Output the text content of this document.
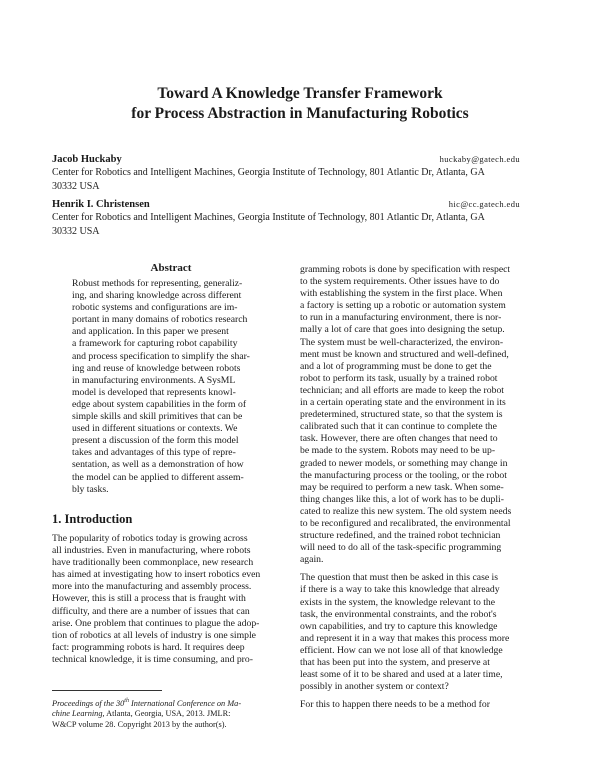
Toward A Knowledge Transfer Framework
for Process Abstraction in Manufacturing Robotics
Jacob Huckaby	huckaby@gatech.edu
Center for Robotics and Intelligent Machines, Georgia Institute of Technology, 801 Atlantic Dr, Atlanta, GA
30332 USA
Henrik I. Christensen	hic@cc.gatech.edu
Center for Robotics and Intelligent Machines, Georgia Institute of Technology, 801 Atlantic Dr, Atlanta, GA
30332 USA
Abstract
Robust methods for representing, generaliz-
ing, and sharing knowledge across different
robotic systems and configurations are im-
portant in many domains of robotics research
and application. In this paper we present
a framework for capturing robot capability
and process specification to simplify the shar-
ing and reuse of knowledge between robots
in manufacturing environments. A SysML
model is developed that represents knowl-
edge about system capabilities in the form of
simple skills and skill primitives that can be
used in different situations or contexts. We
present a discussion of the form this model
takes and advantages of this type of repre-
sentation, as well as a demonstration of how
the model can be applied to different assem-
bly tasks.
1. Introduction
The popularity of robotics today is growing across
all industries. Even in manufacturing, where robots
have traditionally been commonplace, new research
has aimed at investigating how to insert robotics even
more into the manufacturing and assembly process.
However, this is still a process that is fraught with
difficulty, and there are a number of issues that can
arise. One problem that continues to plague the adop-
tion of robotics at all levels of industry is one simple
fact: programming robots is hard. It requires deep
technical knowledge, it is time consuming, and pro-
Proceedings of the 30th International Conference on Ma-
chine Learning, Atlanta, Georgia, USA, 2013. JMLR:
W&CP volume 28. Copyright 2013 by the author(s).
gramming robots is done by specification with respect
to the system requirements. Other issues have to do
with establishing the system in the first place. When
a factory is setting up a robotic or automation system
to run in a manufacturing environment, there is nor-
mally a lot of care that goes into designing the setup.
The system must be well-characterized, the environ-
ment must be known and structured and well-defined,
and a lot of programming must be done to get the
robot to perform its task, usually by a trained robot
technician; and all efforts are made to keep the robot
in a certain operating state and the environment in its
predetermined, structured state, so that the system is
calibrated such that it can continue to complete the
task. However, there are often changes that need to
be made to the system. Robots may need to be up-
graded to newer models, or something may change in
the manufacturing process or the tooling, or the robot
may be required to perform a new task. When some-
thing changes like this, a lot of work has to be dupli-
cated to realize this new system. The old system needs
to be reconfigured and recalibrated, the environmental
structure redefined, and the trained robot technician
will need to do all of the task-specific programming
again.
The question that must then be asked in this case is
if there is a way to take this knowledge that already
exists in the system, the knowledge relevant to the
task, the environmental constraints, and the robot's
own capabilities, and try to capture this knowledge
and represent it in a way that makes this process more
efficient. How can we not lose all of that knowledge
that has been put into the system, and preserve at
least some of it to be shared and used at a later time,
possibly in another system or context?
For this to happen there needs to be a method for
